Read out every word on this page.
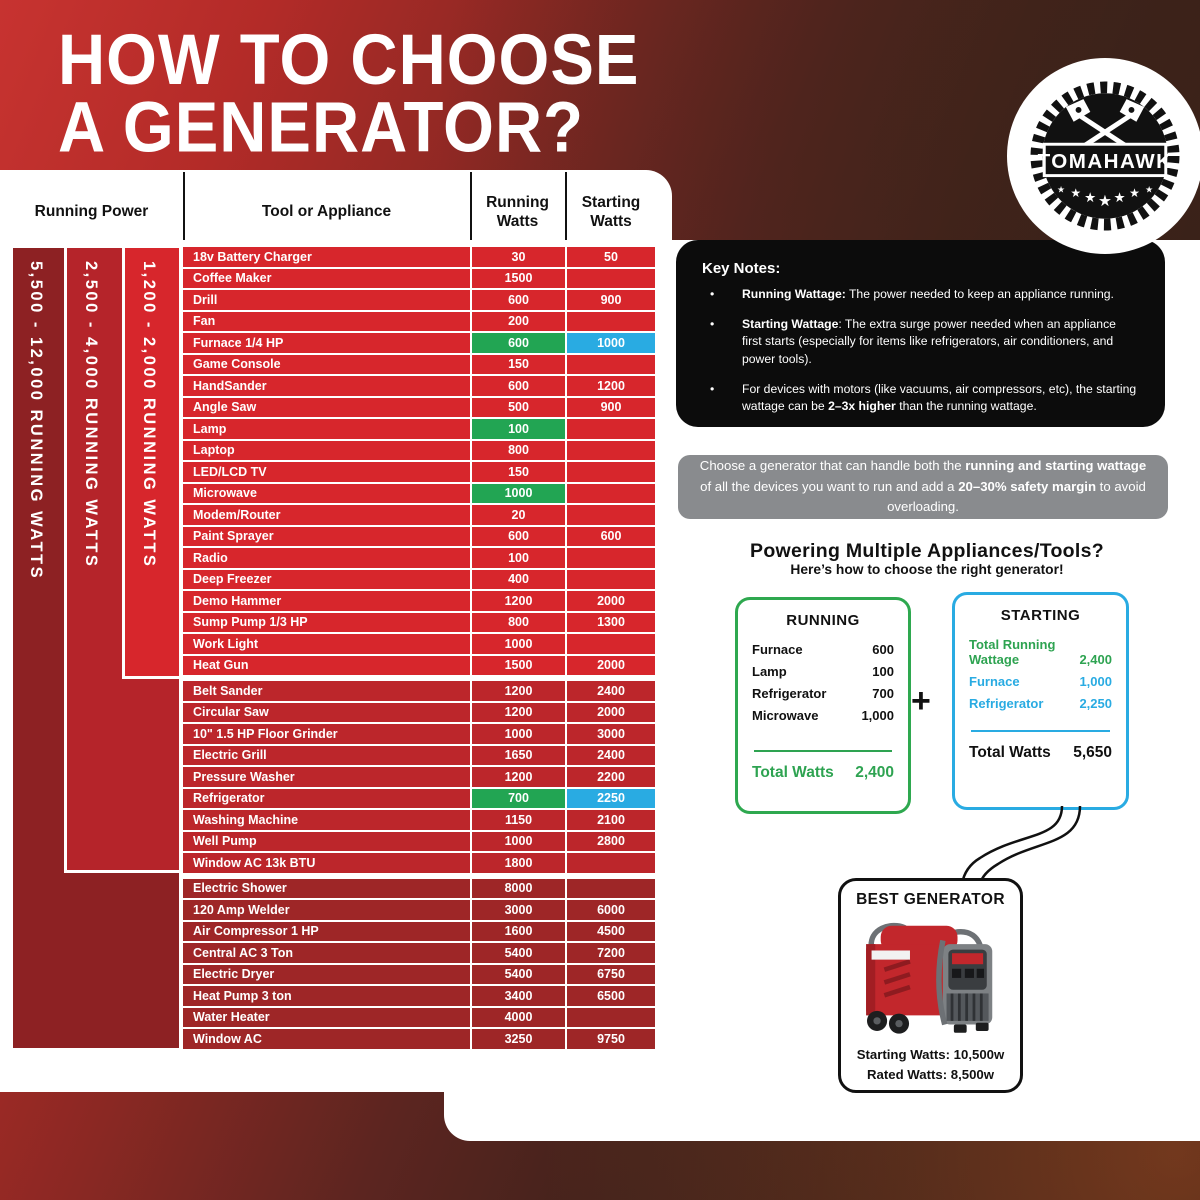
HOW TO CHOOSE
A GENERATOR?
Running Power	Tool or Appliance
Running
Watts
Starting
Watts
5,500 - 12,000 RUNNING WATTS 2,500 - 4,000 RUNNING WATTS 1,200 - 2,000 RUNNING WATTS
18v Battery Charger	30	50
Coffee Maker	1500
Drill	600	900
Fan	200
Furnace 1/4 HP	600	1000
Game Console	150
HandSander	600	1200
Angle Saw	500	900
Lamp	100
Laptop	800
LED/LCD TV	150
Microwave	1000
Modem/Router	20
Paint Sprayer	600	600
Radio	100
Deep Freezer	400
Demo Hammer	1200	2000
Sump Pump 1/3 HP	800	1300
Work Light	1000
Heat Gun	1500	2000
Belt Sander	1200	2400
Circular Saw	1200	2000
10" 1.5 HP Floor Grinder	1000	3000
Electric Grill	1650	2400
Pressure Washer	1200	2200
Refrigerator	700	2250
Washing Machine	1150	2100
Well Pump	1000	2800
Window AC 13k BTU	1800
Electric Shower	8000
120 Amp Welder	3000	6000
Air Compressor 1 HP	1600	4500
Central AC 3 Ton	5400	7200
Electric Dryer	5400	6750
Heat Pump 3 ton	3400	6500
Water Heater	4000
Window AC	3250	9750
Key Notes:
•	Running Wattage: The power needed to keep an appliance running.
•	Starting Wattage: The extra surge power needed when an appliance first starts (especially for items like refrigerators, air conditioners, and power tools).
•	For devices with motors (like vacuums, air compressors, etc), the starting wattage can be 2–3x higher than the running wattage.
Choose a generator that can handle both the running and starting wattage of all the devices you want to run and add a 20–30% safety margin to avoid overloading.
Powering Multiple Appliances/Tools?
Here’s how to choose the right generator!
RUNNING
Furnace	600
Lamp	100
Refrigerator	700
Microwave	1,000
Total Watts 2,400
+
STARTING
Total Running Wattage	2,400
Furnace	1,000
Refrigerator	2,250
Total Watts 5,650
BEST GENERATOR
Starting Watts: 10,500w
Rated Watts: 8,500w
TOMAHAWK
★ ★ ★ ★ ★ ★ ★
